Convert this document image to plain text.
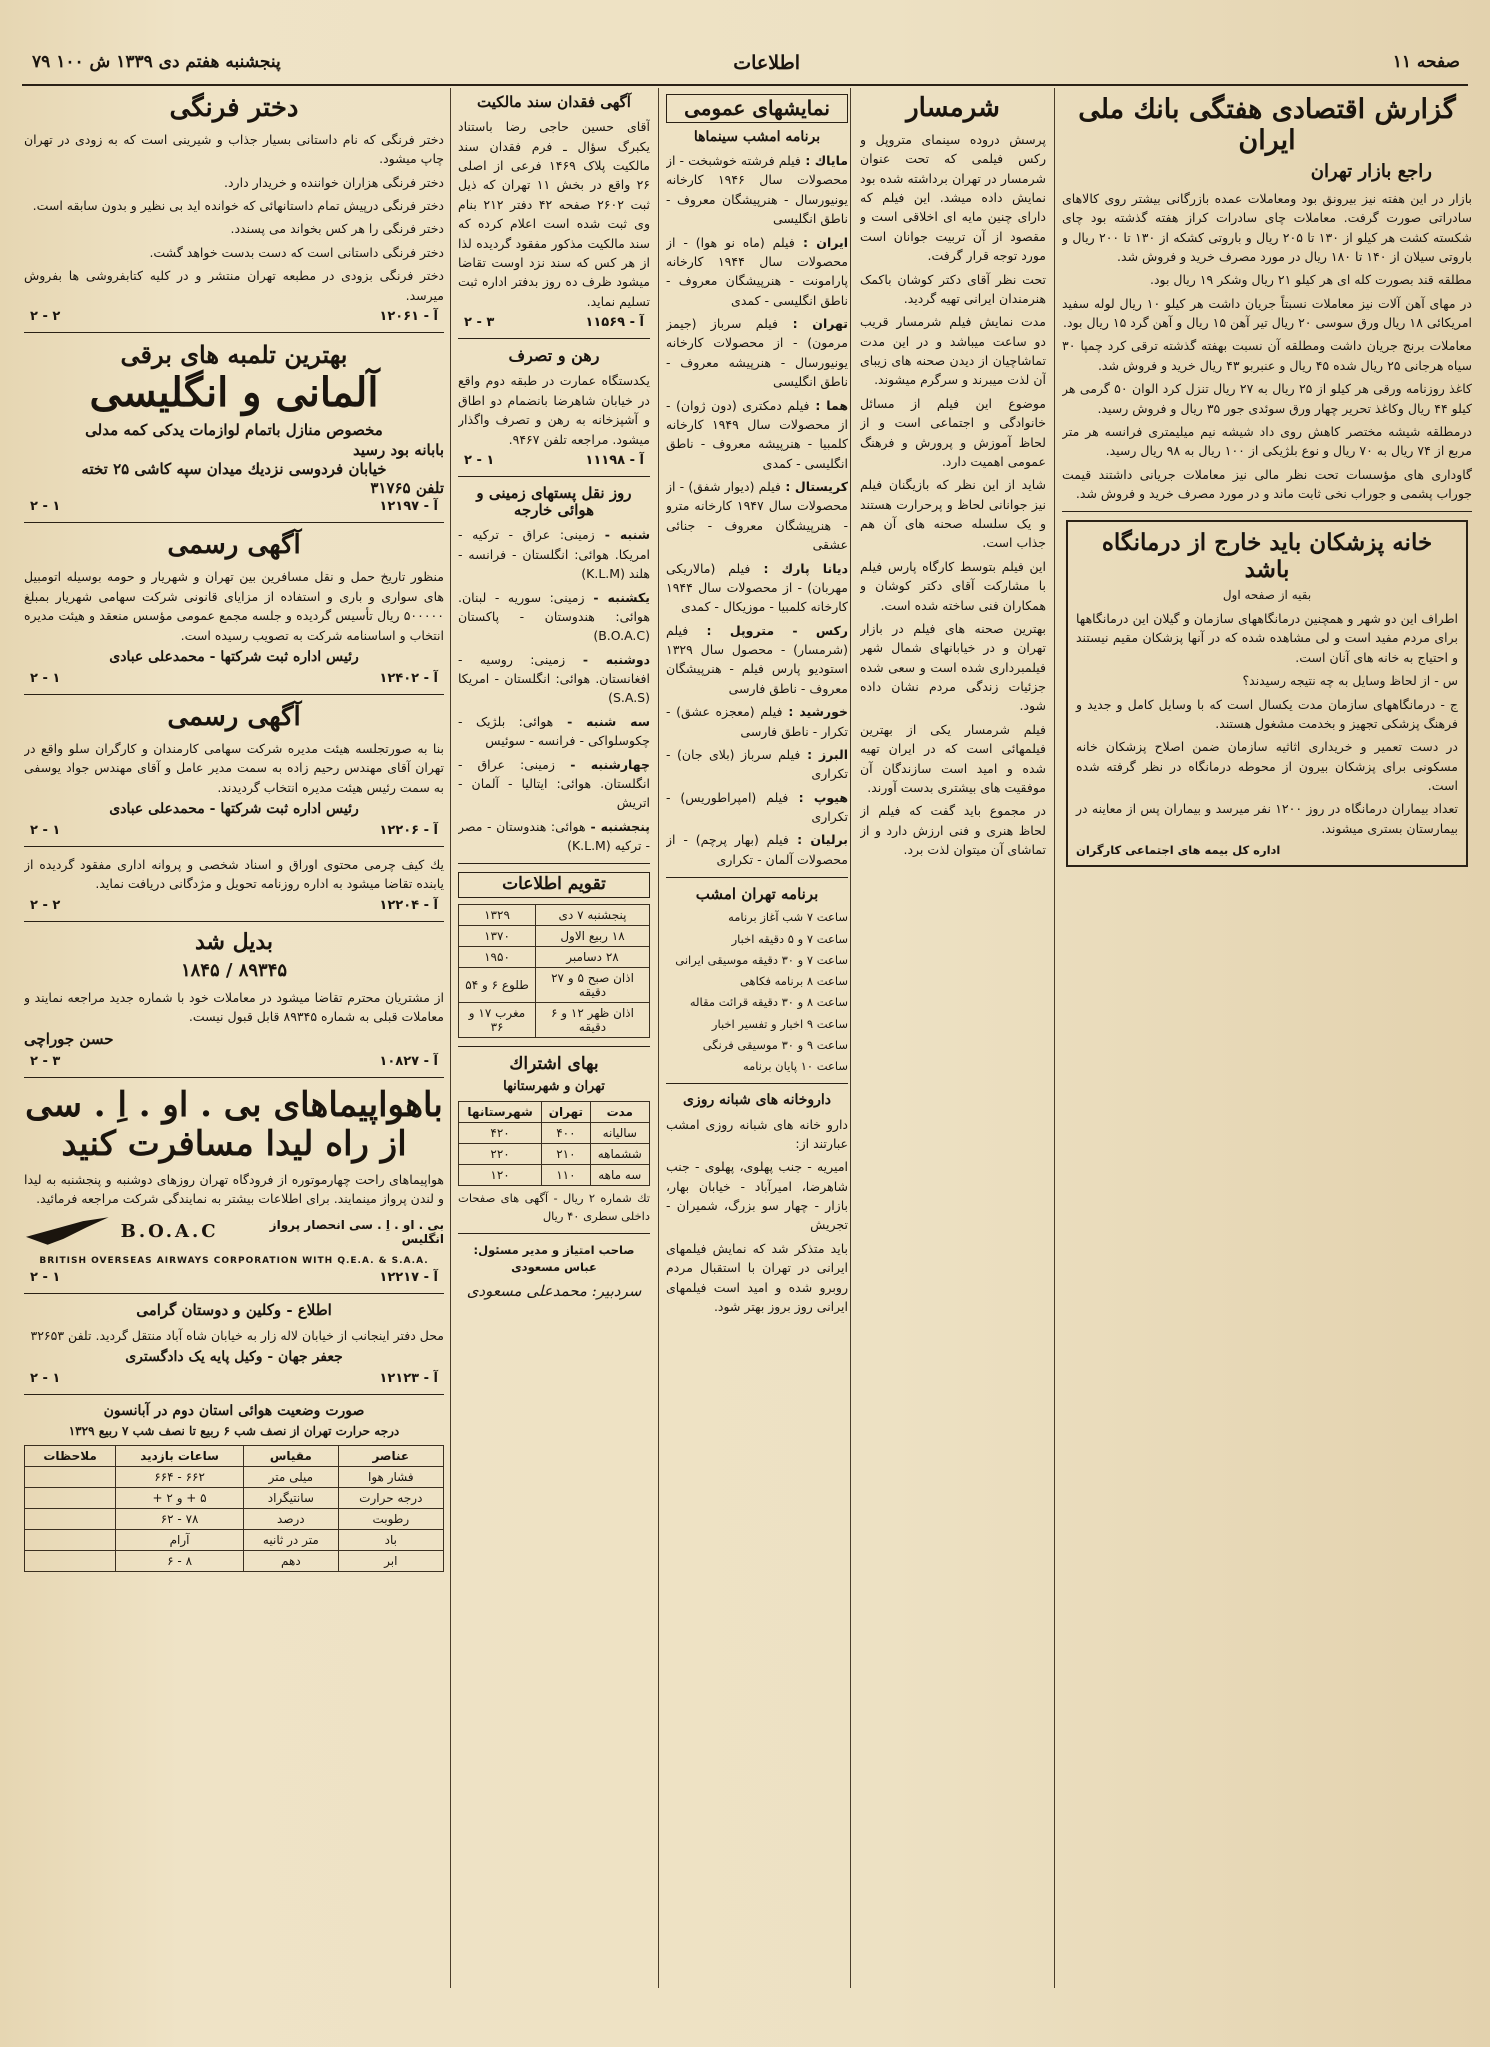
صفحه ۱۱
اطلاعات
پنجشنبه هفتم دی ۱۳۳۹ ش ۱۰۰ ۷۹
گزارش اقتصادی هفتگی بانك ملی ایران
راجع بازار تهران

بازار در این هفته نیز بیرونق بود ومعاملات عمده بازرگانی بیشتر روی کالاهای سادراتی صورت گرفت. معاملات چای سادرات کراز هفته گذشته بود چای شکسته کشت هر کیلو از ۱۳۰ تا ۲۰۵ ریال و باروتی کشکه از ۱۳۰ تا ۲۰۰ ریال و باروتی سیلان از ۱۴۰ تا ۱۸۰ ریال در مورد مصرف خرید و فروش شد.

مطلقه قند بصورت کله ای هر کیلو ۲۱ ریال وشکر ۱۹ ریال بود.

در مهای آهن آلات نیز معاملات نسبتاً جریان داشت هر کیلو ۱۰ ریال لوله سفید امریکائی ۱۸ ریال ورق سوسی ۲۰ ریال تیر آهن ۱۵ ریال و آهن گرد ۱۵ ریال بود.

معاملات برنج جریان داشت ومطلقه آن نسبت بهفته گذشته ترقی کرد چمپا ۳۰ سیاه هرجانی ۲۵ ریال شده ۴۵ ریال و عنبربو ۴۳ ریال خرید و فروش شد.

کاغذ روزنامه ورقی هر کیلو از ۲۵ ریال به ۲۷ ریال تنزل کرد الوان ۵۰ گرمی هر کیلو ۴۴ ریال وکاغذ تحریر چهار ورق سوئدی جور ۳۵ ریال و فروش رسید.

درمطلقه شیشه مختصر کاهش روی داد شیشه نیم میلیمتری فرانسه هر متر مربع از ۷۴ ریال به ۷۰ ریال و نوع بلژیکی از ۱۰۰ ریال به ۹۸ ریال رسید.

گاوداری های مؤسسات تحت نظر مالی نیز معاملات جریانی داشتند قیمت جوراب پشمی و جوراب نخی ثابت ماند و در مورد مصرف خرید و فروش شد.

خانه پزشکان باید خارج از درمانگاه باشد
بقیه از صفحه اول

اطراف این دو شهر و همچنین درمانگاههای سازمان و گیلان این درمانگاهها برای مردم مفید است و لی مشاهده شده که در آنها پزشکان مقیم نیستند و احتیاج به خانه های آنان است.

س - از لحاظ وسایل به چه نتیجه رسیدند؟

ج - درمانگاههای سازمان مدت یکسال است که با وسایل کامل و جدید و فرهنگ پزشکی تجهیز و بخدمت مشغول هستند.

در دست تعمیر و خریداری اثاثیه سازمان ضمن اصلاح پزشکان خانه مسکونی برای پزشکان بیرون از محوطه درمانگاه در نظر گرفته شده است.

تعداد بیماران درمانگاه در روز ۱۲۰۰ نفر میرسد و بیماران پس از معاینه در بیمارستان بستری میشوند.

اداره کل بیمه های اجتماعی کارگران
شرمسار

پرسش دروده سینمای متروپل و رکس فیلمی که تحت عنوان شرمسار در تهران برداشته شده بود نمایش داده میشد. این فیلم که دارای چنین مایه ای اخلاقی است و مقصود از آن تربیت جوانان است مورد توجه قرار گرفت.

تحت نظر آقای دکتر کوشان باکمک هنرمندان ایرانی تهیه گردید.

مدت نمایش فیلم شرمسار قریب دو ساعت میباشد و در این مدت تماشاچیان از دیدن صحنه های زیبای آن لذت میبرند و سرگرم میشوند.

موضوع این فیلم از مسائل خانوادگی و اجتماعی است و از لحاظ آموزش و پرورش و فرهنگ عمومی اهمیت دارد.

شاید از این نظر که بازیگنان فیلم نیز جوانانی لحاظ و پرحرارت هستند و یک سلسله صحنه های آن هم جذاب است.

این فیلم بتوسط کارگاه پارس فیلم با مشارکت آقای دکتر کوشان و همکاران فنی ساخته شده است.

بهترین صحنه های فیلم در بازار تهران و در خیابانهای شمال شهر فیلمبرداری شده است و سعی شده جزئیات زندگی مردم نشان داده شود.

فیلم شرمسار یکی از بهترین فیلمهائی است که در ایران تهیه شده و امید است سازندگان آن موفقیت های بیشتری بدست آورند.

در مجموع باید گفت که فیلم از لحاظ هنری و فنی ارزش دارد و از تماشای آن میتوان لذت برد.

نمایشهای عمومی
برنامه امشب سینماها

مایاك : فیلم فرشته خوشبخت - از محصولات سال ۱۹۴۶ کارخانه یونیورسال - هنرپیشگان معروف - ناطق انگلیسی

ایران : فیلم (ماه نو هوا) - از محصولات سال ۱۹۴۴ کارخانه پارامونت - هنرپیشگان معروف - ناطق انگلیسی - کمدی

تهران : فیلم سرباز (جیمز مرمون) - از محصولات کارخانه یونیورسال - هنرپیشه معروف - ناطق انگلیسی

هما : فیلم دمکتری (دون ژوان) - از محصولات سال ۱۹۴۹ کارخانه کلمبیا - هنرپیشه معروف - ناطق انگلیسی - کمدی

کریستال : فیلم (دیوار شفق) - از محصولات سال ۱۹۴۷ کارخانه مترو - هنرپیشگان معروف - جنائی عشقی

دیانا پارك : فیلم (مالاریکی مهربان) - از محصولات سال ۱۹۴۴ کارخانه کلمبیا - موزیکال - کمدی

رکس - متروپل : فیلم (شرمسار) - محصول سال ۱۳۲۹ استودیو پارس فیلم - هنرپیشگان معروف - ناطق فارسی

خورشید : فیلم (معجزه عشق) - تکرار - ناطق فارسی

البرز : فیلم سرباز (بلای جان) - تکراری

هیوپ : فیلم (امپراطوریس) - تکراری

برلیان : فیلم (بهار پرچم) - از محصولات آلمان - تکراری

برنامه تهران امشب
ساعت ۷ شب آغاز برنامه
ساعت ۷ و ۵ دقیقه اخبار
ساعت ۷ و ۳۰ دقیقه موسیقی ایرانی
ساعت ۸ برنامه فکاهی
ساعت ۸ و ۳۰ دقیقه قرائت مقاله
ساعت ۹ اخبار و تفسیر اخبار
ساعت ۹ و ۳۰ موسیقی فرنگی
ساعت ۱۰ پایان برنامه
داروخانه های شبانه روزی

دارو خانه های شبانه روزی امشب عبارتند از:

امیریه - جنب پهلوی، پهلوی - جنب شاهرضا، امیرآباد - خیابان بهار، بازار - چهار سو بزرگ، شمیران - تجریش

باید متذکر شد که نمایش فیلمهای ایرانی در تهران با استقبال مردم روبرو شده و امید است فیلمهای ایرانی روز بروز بهتر شود.

آگهی فقدان سند مالکیت

آقای حسین حاجی رضا باستناد یکبرگ سؤال ـ فرم فقدان سند مالکیت پلاک ۱۴۶۹ فرعی از اصلی ۲۶ واقع در بخش ۱۱ تهران که ذیل ثبت ۲۶۰۲ صفحه ۴۲ دفتر ۲۱۲ بنام وی ثبت شده است اعلام کرده که سند مالکیت مذکور مفقود گردیده لذا از هر کس که سند نزد اوست تقاضا میشود ظرف ده روز بدفتر اداره ثبت تسلیم نماید.

۲ - ۳	۱۱۵۶۹ - آ
رهن و تصرف

یکدستگاه عمارت در طبقه دوم واقع در خیابان شاهرضا بانضمام دو اطاق و آشپزخانه به رهن و تصرف واگذار میشود. مراجعه تلفن ۹۴۶۷.

۲ - ۱	۱۱۱۹۸ - آ
روز نقل پستهای زمینی و هوائی خارجه

شنبه - زمینی: عراق - ترکیه - امریکا. هوائی: انگلستان - فرانسه - هلند (K.L.M)

یکشنبه - زمینی: سوریه - لبنان. هوائی: هندوستان - پاکستان (B.O.A.C)

دوشنبه - زمینی: روسیه - افغانستان. هوائی: انگلستان - امریکا (S.A.S)

سه شنبه - هوائی: بلژیک - چکوسلواکی - فرانسه - سوئیس

چهارشنبه - زمینی: عراق - انگلستان. هوائی: ایتالیا - آلمان - اتریش

پنجشنبه - هوائی: هندوستان - مصر - ترکیه (K.L.M)

تقویم اطلاعات
پنجشنبه ۷ دی	۱۳۲۹
۱۸ ربیع الاول	۱۳۷۰
۲۸ دسامبر	۱۹۵۰
اذان صبح ۵ و ۲۷ دقیقه	طلوع ۶ و ۵۴
اذان ظهر ۱۲ و ۶ دقیقه	مغرب ۱۷ و ۳۶
بهای اشتراك
تهران و شهرستانها
مدت	تهران	شهرستانها
سالیانه	۴۰۰	۴۲۰
ششماهه	۲۱۰	۲۲۰
سه ماهه	۱۱۰	۱۲۰

تك شماره ۲ ریال - آگهی های صفحات داخلی سطری ۴۰ ریال

صاحب امتیاز و مدیر مسئول: عباس مسعودی
سردبیر: محمدعلی مسعودی
دختر فرنگی

دختر فرنگی که نام داستانی بسیار جذاب و شیرینی است که به زودی در تهران چاپ میشود.

دختر فرنگی هزاران خواننده و خریدار دارد.

دختر فرنگی درپیش تمام داستانهائی که خوانده اید بی نظیر و بدون سابقه است.

دختر فرنگی را هر کس بخواند می پسندد.

دختر فرنگی داستانی است که دست بدست خواهد گشت.

دختر فرنگی بزودی در مطبعه تهران منتشر و در کلیه کتابفروشی ها بفروش میرسد.

۲ - ۲	۱۲۰۶۱ - آ
بهترین تلمبه های برقی
آلمانی و انگلیسی
مخصوص منازل باتمام لوازمات یدکی کمه مدلی
بابانه بود رسید
خیابان فردوسی نزدیك میدان سپه کاشی ۲۵ تخته
تلفن ۳۱۷۶۵
۲ - ۱	۱۲۱۹۷ - آ
آگهی رسمی

منظور تاریخ حمل و نقل مسافرین بین تهران و شهریار و حومه بوسیله اتومبیل های سواری و باری و استفاده از مزایای قانونی شرکت سهامی شهریار بمبلغ ۵۰۰۰۰۰ ریال تأسیس گردیده و جلسه مجمع عمومی مؤسس منعقد و هیئت مدیره انتخاب و اساسنامه شرکت به تصویب رسیده است.

رئیس اداره ثبت شرکتها - محمدعلی عبادی
۲ - ۱	۱۲۴۰۲ - آ
آگهی رسمی

بنا به صورتجلسه هیئت مدیره شرکت سهامی کارمندان و کارگران سلو واقع در تهران آقای مهندس رحیم زاده به سمت مدیر عامل و آقای مهندس جواد یوسفی به سمت رئیس هیئت مدیره انتخاب گردیدند.

رئیس اداره ثبت شرکتها - محمدعلی عبادی
۲ - ۱	۱۲۲۰۶ - آ

یك کیف چرمی محتوی اوراق و اسناد شخصی و پروانه اداری مفقود گردیده از یابنده تقاضا میشود به اداره روزنامه تحویل و مژدگانی دریافت نماید.

۲ - ۲	۱۲۲۰۴ - آ
بدیل شد
۸۹۳۴۵ / ۱۸۴۵

از مشتریان محترم تقاضا میشود در معاملات خود با شماره جدید مراجعه نمایند و معاملات قبلی به شماره ۸۹۳۴۵ قابل قبول نیست.

حسن جوراچی
۲ - ۳	۱۰۸۲۷ - آ
باهواپیماهای بی . او . اِ . سی
از راه لیدا مسافرت کنید

هواپیماهای راحت چهارموتوره از فرودگاه تهران روزهای دوشنبه و پنجشنبه به لیدا و لندن پرواز مینمایند. برای اطلاعات بیشتر به نمایندگی شرکت مراجعه فرمائید.

B.O.A.C	بی . او . اِ . سی انحصار پرواز انگلیس
BRITISH OVERSEAS AIRWAYS CORPORATION WITH Q.E.A. & S.A.A.
۲ - ۱	۱۲۲۱۷ - آ
اطلاع - وکلین و دوستان گرامی

محل دفتر اینجانب از خیابان لاله زار به خیابان شاه آباد منتقل گردید. تلفن ۳۲۶۵۳

جعفر جهان - وکیل پایه یک دادگستری
۲ - ۱	۱۲۱۲۳ - آ
صورت وضعیت هوائی استان دوم در آبانسون
درجه حرارت تهران از نصف شب ۶ ربیع تا نصف شب ۷ ربیع ۱۳۲۹
عناصر	مقیاس	ساعات بازدید	ملاحظات
فشار هوا	میلی متر	۶۶۲ - ۶۶۴	
درجه حرارت	سانتیگراد	۵ + و ۲ +	
رطوبت	درصد	۷۸ - ۶۲	
باد	متر در ثانیه	آرام	
ابر	دهم	۸ - ۶	
